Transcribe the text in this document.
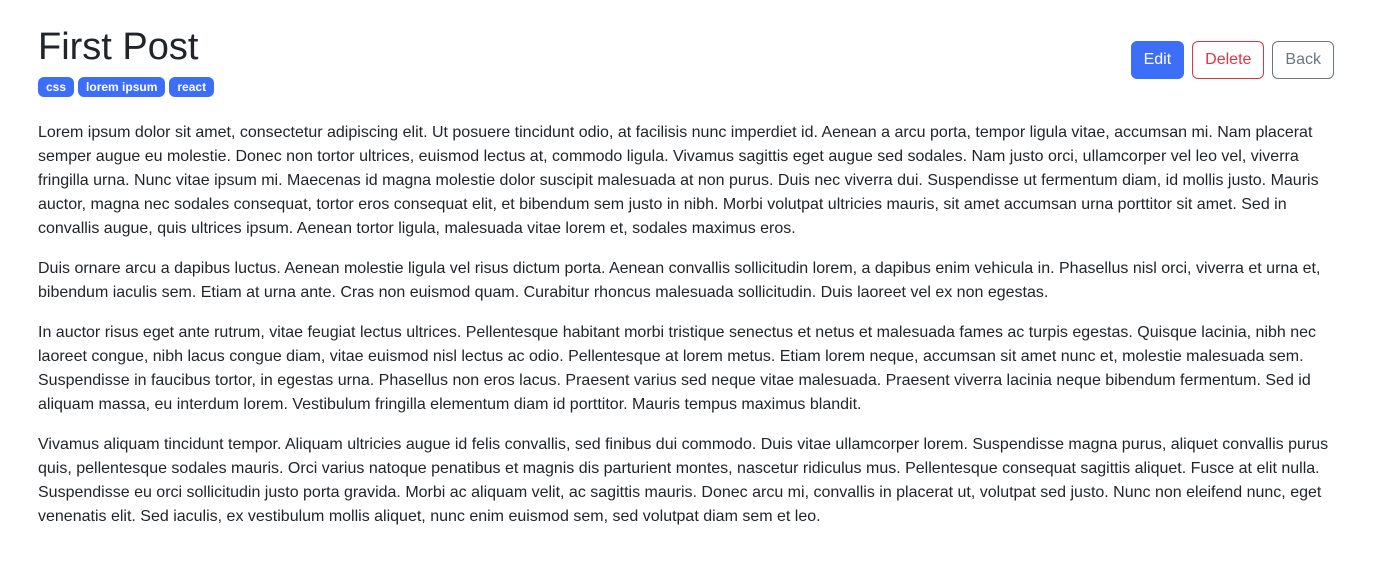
First Post
css	lorem ipsum	react
Edit	Delete	Back

Lorem ipsum dolor sit amet, consectetur adipiscing elit. Ut posuere tincidunt odio, at facilisis nunc imperdiet id. Aenean a arcu porta, tempor ligula vitae, accumsan mi. Nam placerat semper augue eu molestie. Donec non tortor ultrices, euismod lectus at, commodo ligula. Vivamus sagittis eget augue sed sodales. Nam justo orci, ullamcorper vel leo vel, viverra fringilla urna. Nunc vitae ipsum mi. Maecenas id magna molestie dolor suscipit malesuada at non purus. Duis nec viverra dui. Suspendisse ut fermentum diam, id mollis justo. Mauris auctor, magna nec sodales consequat, tortor eros consequat elit, et bibendum sem justo in nibh. Morbi volutpat ultricies mauris, sit amet accumsan urna porttitor sit amet. Sed in convallis augue, quis ultrices ipsum. Aenean tortor ligula, malesuada vitae lorem et, sodales maximus eros.

Duis ornare arcu a dapibus luctus. Aenean molestie ligula vel risus dictum porta. Aenean convallis sollicitudin lorem, a dapibus enim vehicula in. Phasellus nisl orci, viverra et urna et, bibendum iaculis sem. Etiam at urna ante. Cras non euismod quam. Curabitur rhoncus malesuada sollicitudin. Duis laoreet vel ex non egestas.

In auctor risus eget ante rutrum, vitae feugiat lectus ultrices. Pellentesque habitant morbi tristique senectus et netus et malesuada fames ac turpis egestas. Quisque lacinia, nibh nec laoreet congue, nibh lacus congue diam, vitae euismod nisl lectus ac odio. Pellentesque at lorem metus. Etiam lorem neque, accumsan sit amet nunc et, molestie malesuada sem. Suspendisse in faucibus tortor, in egestas urna. Phasellus non eros lacus. Praesent varius sed neque vitae malesuada. Praesent viverra lacinia neque bibendum fermentum. Sed id aliquam massa, eu interdum lorem. Vestibulum fringilla elementum diam id porttitor. Mauris tempus maximus blandit.

Vivamus aliquam tincidunt tempor. Aliquam ultricies augue id felis convallis, sed finibus dui commodo. Duis vitae ullamcorper lorem. Suspendisse magna purus, aliquet convallis purus quis, pellentesque sodales mauris. Orci varius natoque penatibus et magnis dis parturient montes, nascetur ridiculus mus. Pellentesque consequat sagittis aliquet. Fusce at elit nulla. Suspendisse eu orci sollicitudin justo porta gravida. Morbi ac aliquam velit, ac sagittis mauris. Donec arcu mi, convallis in placerat ut, volutpat sed justo. Nunc non eleifend nunc, eget venenatis elit. Sed iaculis, ex vestibulum mollis aliquet, nunc enim euismod sem, sed volutpat diam sem et leo.
